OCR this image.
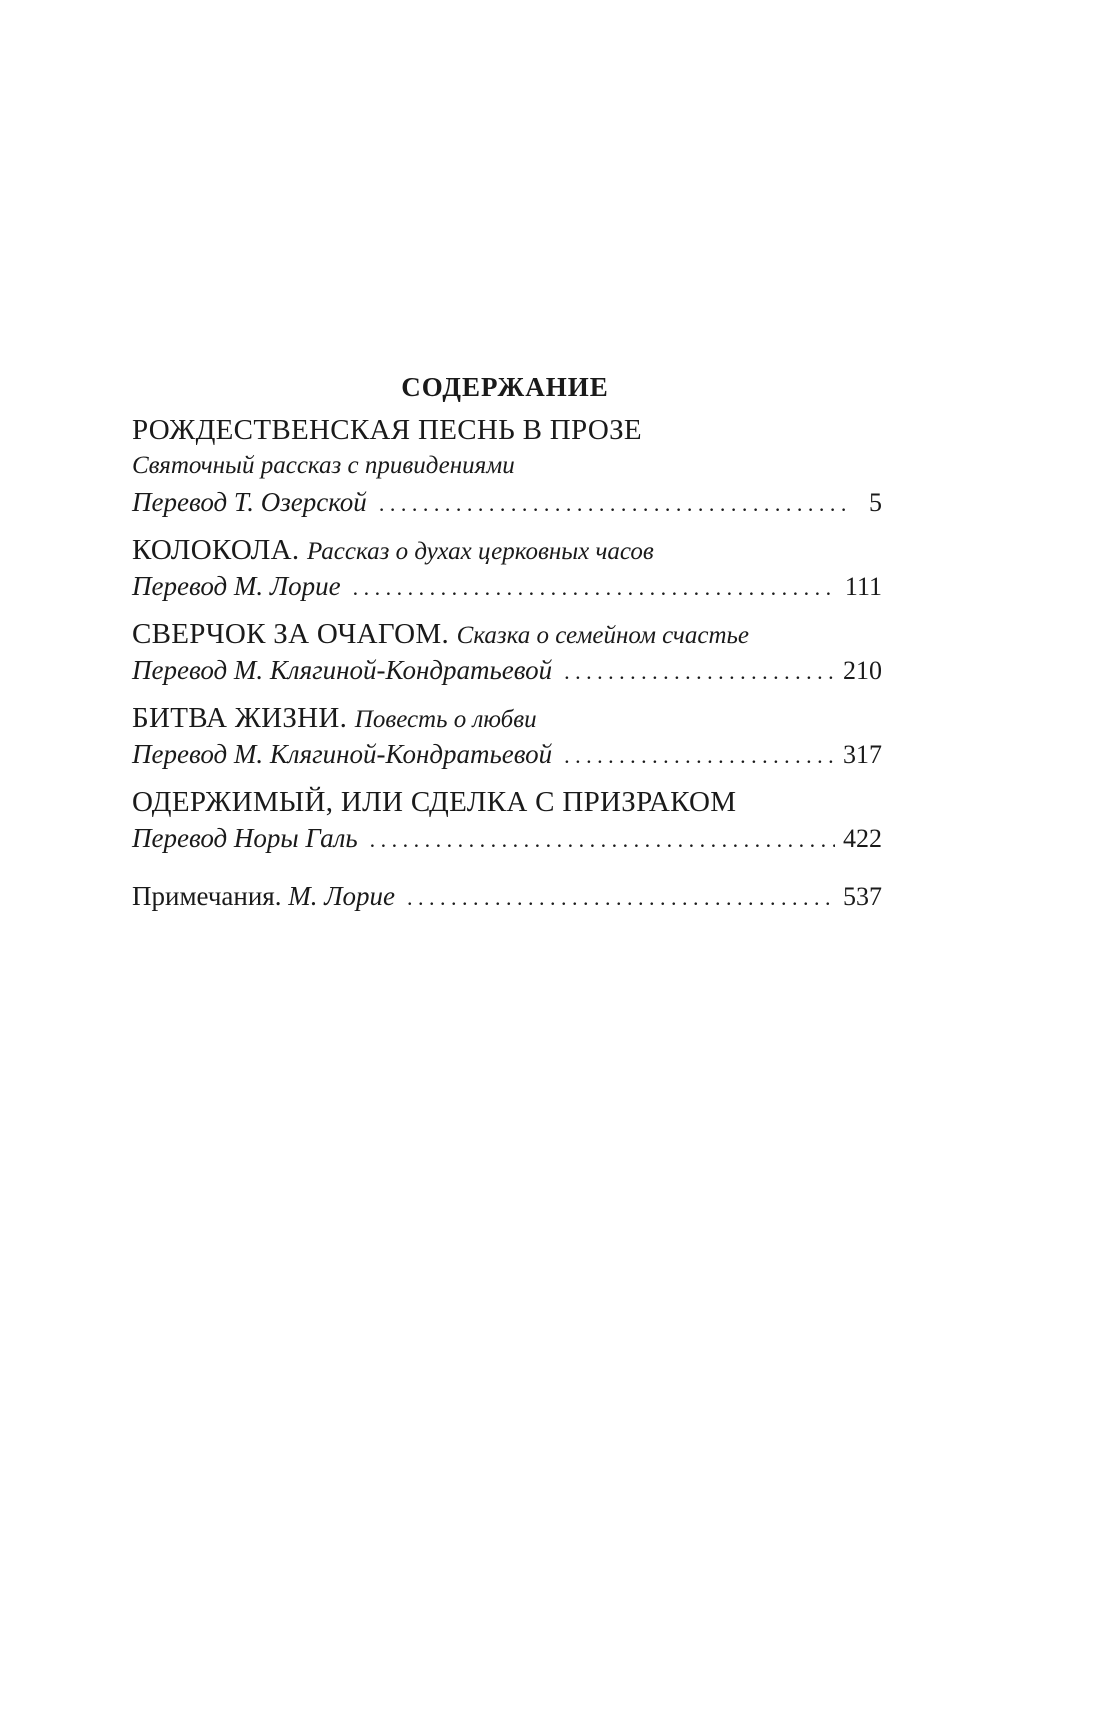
СОДЕРЖАНИЕ
РОЖДЕСТВЕНСКАЯ ПЕСНЬ В ПРОЗЕ
Святочный рассказ с привидениями
Перевод Т. Озерской . . .	5
КОЛОКОЛА.
Рассказ о духах церковных часов
Перевод М. Лорие . . .	111
СВЕРЧОК ЗА ОЧАГОМ.
Сказка о семейном счастье
Перевод М. Клягиной-Кондратьевой . . .	210
БИТВА ЖИЗНИ.
Повесть о любви
Перевод М. Клягиной-Кондратьевой . . .	317
ОДЕРЖИМЫЙ, ИЛИ СДЕЛКА С ПРИЗРАКОМ
Перевод Норы Галь . . .	422
Примечания.
М. Лорие . . .	537
